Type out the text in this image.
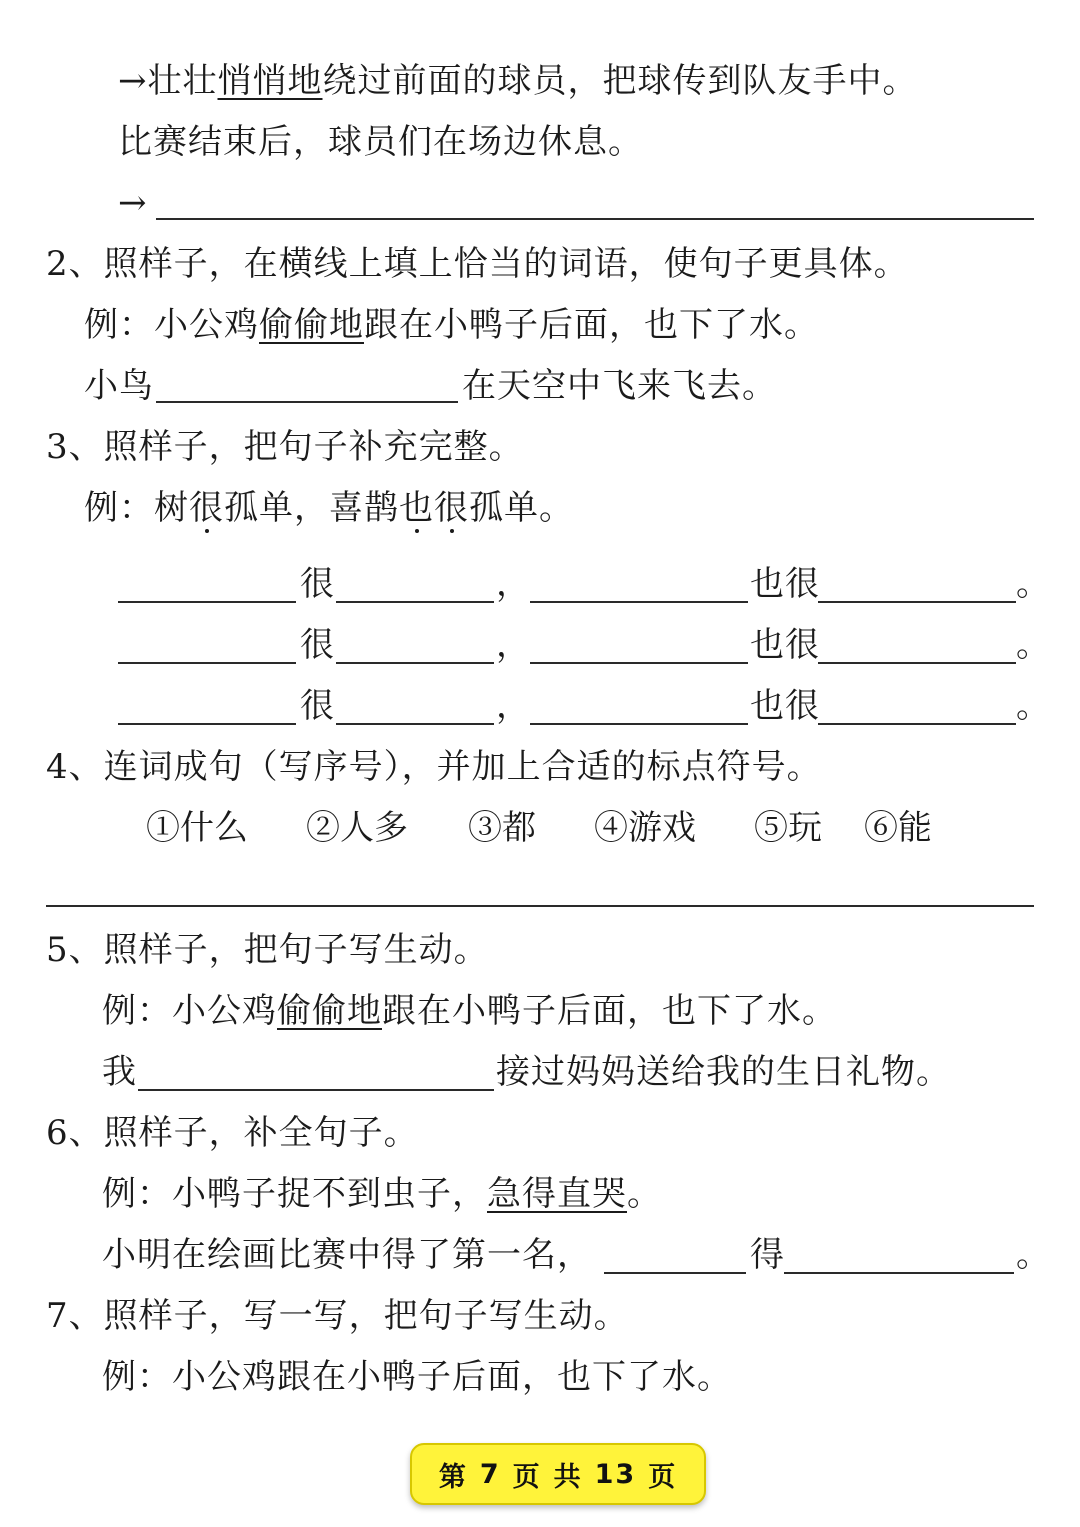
→壮壮悄悄地绕过前面的球员，把球传到队友手中。
比赛结束后，球员们在场边休息。
→
2、照样子，在横线上填上恰当的词语，使句子更具体。
例：小公鸡偷偷地跟在小鸭子后面，也下了水。
小鸟	在天空中飞来飞去。
3、照样子，把句子补充完整。
例：树很孤单，喜鹊也很孤单。
很	，	也很	。
很	，	也很	。
很	，	也很	。
4、连词成句（写序号），并加上合适的标点符号。
①什么 ②人多 ③都 ④游戏 ⑤玩 ⑥能
5、照样子，把句子写生动。
例：小公鸡偷偷地跟在小鸭子后面，也下了水。
我	接过妈妈送给我的生日礼物。
6、照样子，补全句子。
例：小鸭子捉不到虫子，急得直哭。
小明在绘画比赛中得了第一名，	得	。
7、照样子，写一写，把句子写生动。
例：小公鸡跟在小鸭子后面，也下了水。
第 7 页 共 13 页
